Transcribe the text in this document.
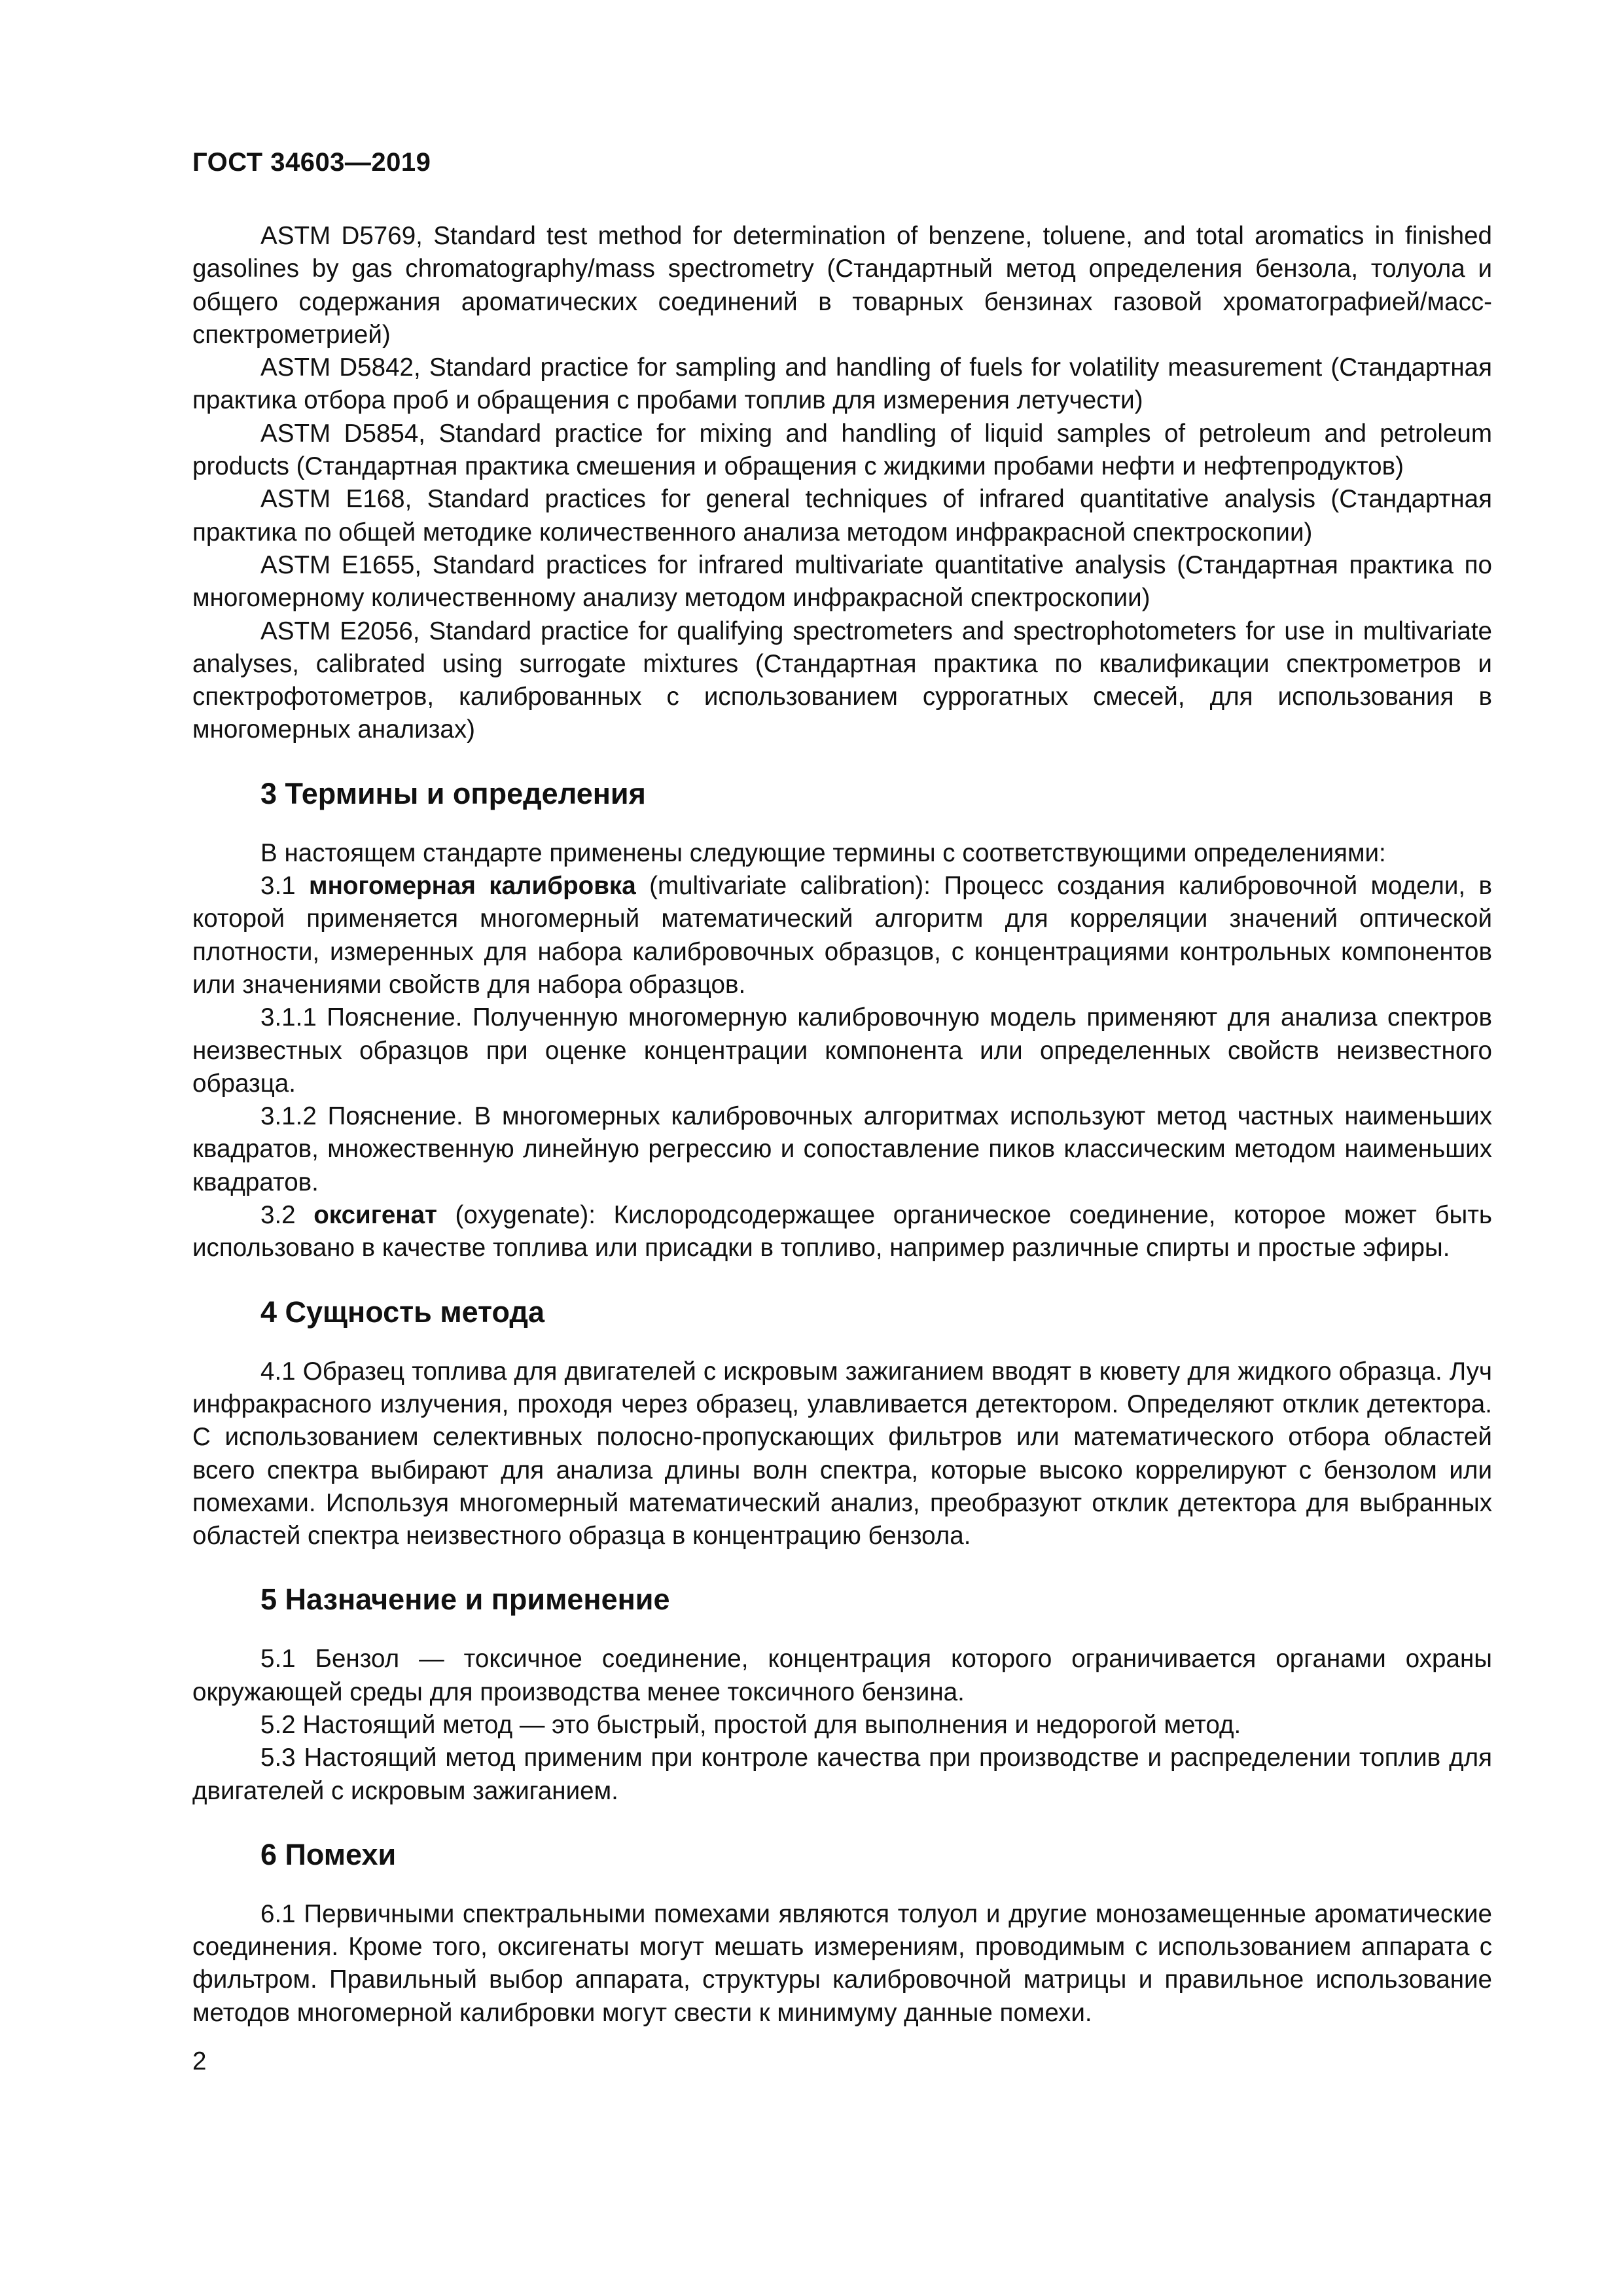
ГОСТ 34603—2019

ASTM D5769, Standard test method for determination of benzene, toluene, and total aromatics in finished gasolines by gas chromatography/mass spectrometry (Стандартный метод определения бензола, толуола и общего содержания ароматических соединений в товарных бензинах газовой хроматографией/масс-спектрометрией)

ASTM D5842, Standard practice for sampling and handling of fuels for volatility measurement (Стандартная практика отбора проб и обращения с пробами топлив для измерения летучести)

ASTM D5854, Standard practice for mixing and handling of liquid samples of petroleum and petroleum products (Стандартная практика смешения и обращения с жидкими пробами нефти и нефтепродуктов)

ASTM E168, Standard practices for general techniques of infrared quantitative analysis (Стандартная практика по общей методике количественного анализа методом инфракрасной спектроскопии)

ASTM E1655, Standard practices for infrared multivariate quantitative analysis (Стандартная практика по многомерному количественному анализу методом инфракрасной спектроскопии)

ASTM E2056, Standard practice for qualifying spectrometers and spectrophotometers for use in multivariate analyses, calibrated using surrogate mixtures (Стандартная практика по квалификации спектрометров и спектрофотометров, калиброванных с использованием суррогатных смесей, для использования в многомерных анализах)

3 Термины и определения

В настоящем стандарте применены следующие термины с соответствующими определениями:

3.1 многомерная калибровка (multivariate calibration): Процесс создания калибровочной модели, в которой применяется многомерный математический алгоритм для корреляции значений оптической плотности, измеренных для набора калибровочных образцов, с концентрациями контрольных компонентов или значениями свойств для набора образцов.

3.1.1 Пояснение. Полученную многомерную калибровочную модель применяют для анализа спектров неизвестных образцов при оценке концентрации компонента или определенных свойств неизвестного образца.

3.1.2 Пояснение. В многомерных калибровочных алгоритмах используют метод частных наименьших квадратов, множественную линейную регрессию и сопоставление пиков классическим методом наименьших квадратов.

3.2 оксигенат (oxygenate): Кислородсодержащее органическое соединение, которое может быть использовано в качестве топлива или присадки в топливо, например различные спирты и простые эфиры.

4 Сущность метода

4.1 Образец топлива для двигателей с искровым зажиганием вводят в кювету для жидкого образца. Луч инфракрасного излучения, проходя через образец, улавливается детектором. Определяют отклик детектора. С использованием селективных полосно-пропускающих фильтров или математического отбора областей всего спектра выбирают для анализа длины волн спектра, которые высоко коррелируют с бензолом или помехами. Используя многомерный математический анализ, преобразуют отклик детектора для выбранных областей спектра неизвестного образца в концентрацию бензола.

5 Назначение и применение

5.1 Бензол — токсичное соединение, концентрация которого ограничивается органами охраны окружающей среды для производства менее токсичного бензина.

5.2 Настоящий метод — это быстрый, простой для выполнения и недорогой метод.

5.3 Настоящий метод применим при контроле качества при производстве и распределении топлив для двигателей с искровым зажиганием.

6 Помехи

6.1 Первичными спектральными помехами являются толуол и другие монозамещенные ароматические соединения. Кроме того, оксигенаты могут мешать измерениям, проводимым с использованием аппарата с фильтром. Правильный выбор аппарата, структуры калибровочной матрицы и правильное использование методов многомерной калибровки могут свести к минимуму данные помехи.

2
